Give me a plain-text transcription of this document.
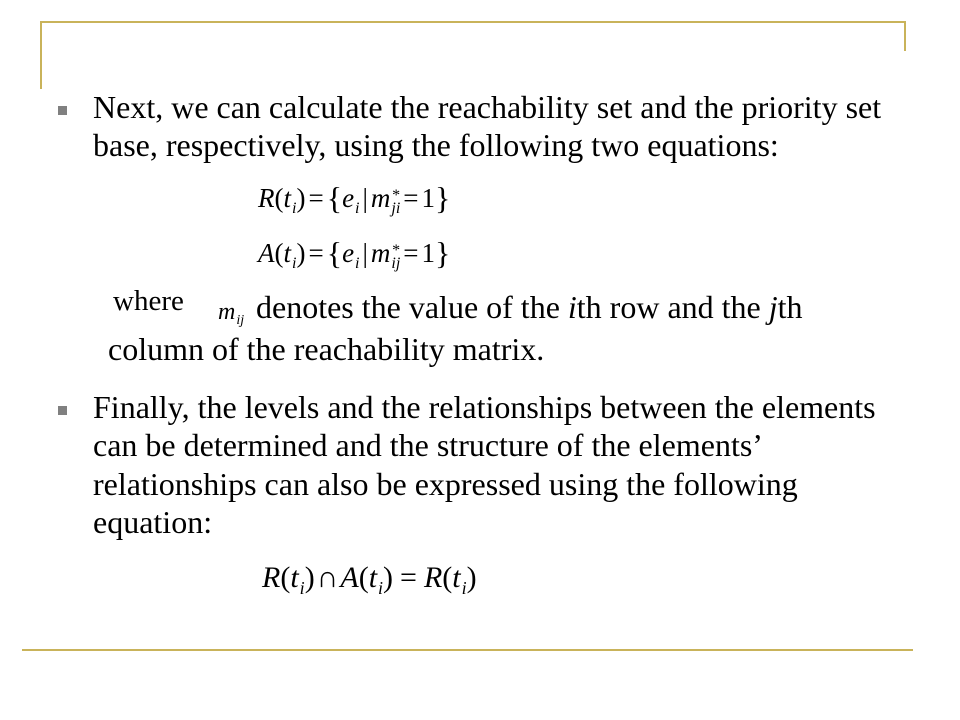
Next, we can calculate the reachability set and the priority set
base, respectively, using the following two equations:
$R(t_i) =\{e_i$ | m *
ji = 1}
$A(t_i) =\{e_i$ | m *
ij = 1}
where $m_{ij}$ denotes the value of the ith row and the jth
column of the reachability matrix.
Finally, the levels and the relationships between the elements
can be determined and the structure of the elements’
relationships can also be expressed using the following
equation:
$R(t_i)\cap A(t_i) = R(t_i)$
